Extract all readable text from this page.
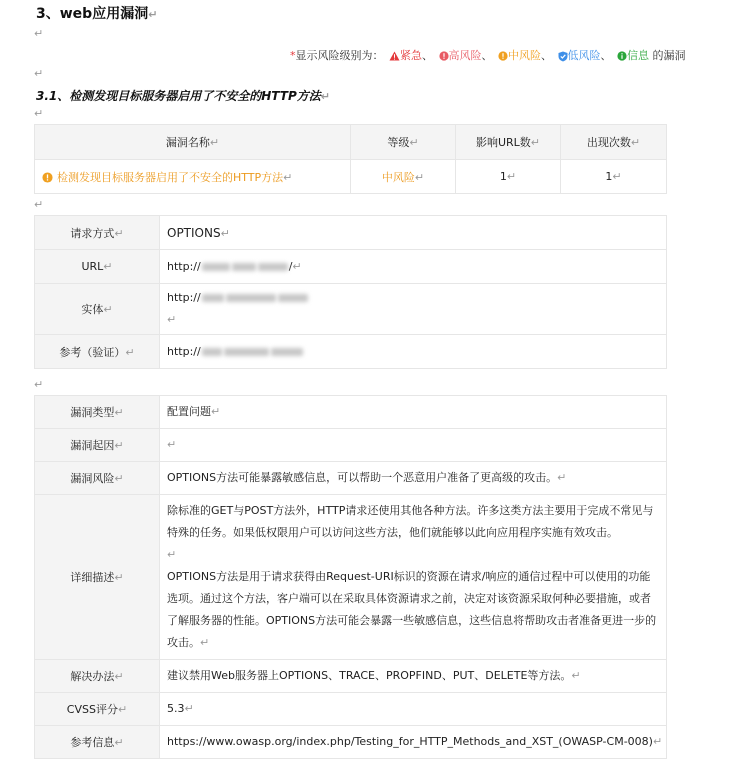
3、web应用漏洞↵
↵
*显示风险级别为： 紧急、 高风险、 中风险、 低风险、 信息 的漏洞
↵
3.1、检测发现目标服务器启用了不安全的HTTP方法↵
↵
漏洞名称↵	等级↵	影响URL数↵	出现次数↵
检测发现目标服务器启用了不安全的HTTP方法↵	中风险↵	1↵	1↵
↵
请求方式↵	OPTIONS↵
URL↵	http:// /↵
实体↵	http://
↵
参考（验证）↵	http://
↵
漏洞类型↵	配置问题↵
漏洞起因↵	↵
漏洞风险↵	OPTIONS方法可能暴露敏感信息，可以帮助一个恶意用户准备了更高级的攻击。↵
详细描述↵	除标准的GET与POST方法外，HTTP请求还使用其他各种方法。许多这类方法主要用于完成不常见与特殊的任务。如果低权限用户可以访问这些方法，他们就能够以此向应用程序实施有效攻击。
↵
OPTIONS方法是用于请求获得由Request-URI标识的资源在请求/响应的通信过程中可以使用的功能选项。通过这个方法，客户端可以在采取具体资源请求之前，决定对该资源采取何种必要措施，或者了解服务器的性能。OPTIONS方法可能会暴露一些敏感信息，这些信息将帮助攻击者准备更进一步的攻击。↵
解决办法↵	建议禁用Web服务器上OPTIONS、TRACE、PROPFIND、PUT、DELETE等方法。↵
CVSS评分↵	5.3↵
参考信息↵	https://www.owasp.org/index.php/Testing_for_HTTP_Methods_and_XST_(OWASP-CM-008)↵
